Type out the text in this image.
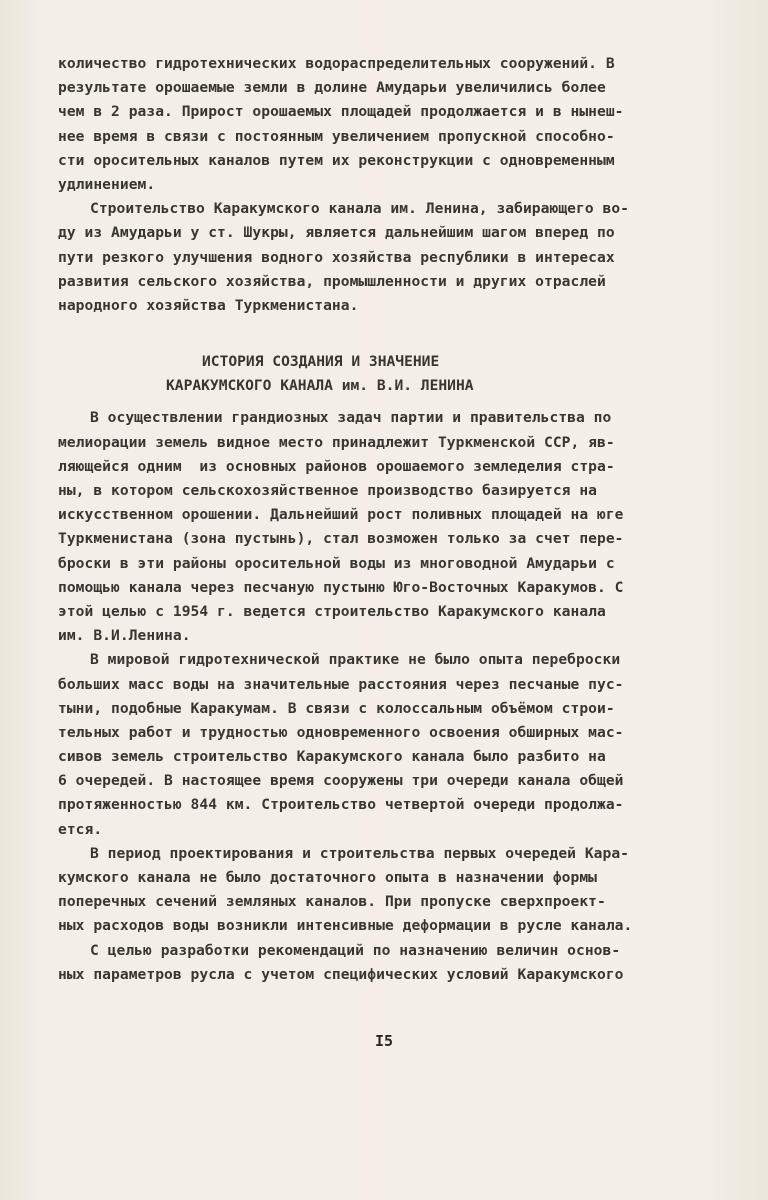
количество гидротехнических водораспределительных сооружений. В
результате орошаемые земли в долине Амударьи увеличились более
чем в 2 раза. Прирост орошаемых площадей продолжается и в нынеш-
нее время в связи с постоянным увеличением пропускной способно-
сти оросительных каналов путем их реконструкции с одновременным
удлинением.
Строительство Каракумского канала им. Ленина, забирающего во-
ду из Амударьи у ст. Шукры, является дальнейшим шагом вперед по
пути резкого улучшения водного хозяйства республики в интересах
развития сельского хозяйства, промышленности и других отраслей
народного хозяйства Туркменистана.
ИСТОРИЯ СОЗДАНИЯ И ЗНАЧЕНИЕ
КАРАКУМСКОГО КАНАЛА им. В.И. ЛЕНИНА
В осуществлении грандиозных задач партии и правительства по
мелиорации земель видное место принадлежит Туркменской ССР, яв-
ляющейся одним  из основных районов орошаемого земледелия стра-
ны, в котором сельскохозяйственное производство базируется на
искусственном орошении. Дальнейший рост поливных площадей на юге
Туркменистана (зона пустынь), стал возможен только за счет пере-
броски в эти районы оросительной воды из многоводной Амударьи с
помощью канала через песчаную пустыню Юго-Восточных Каракумов. С
этой целью с 1954 г. ведется строительство Каракумского канала
им. В.И.Ленина.
В мировой гидротехнической практике не было опыта переброски
больших масс воды на значительные расстояния через песчаные пус-
тыни, подобные Каракумам. В связи с колоссальным объёмом строи-
тельных работ и трудностью одновременного освоения обширных мас-
сивов земель строительство Каракумского канала было разбито на
6 очередей. В настоящее время сооружены три очереди канала общей
протяженностью 844 км. Строительство четвертой очереди продолжа-
ется.
В период проектирования и строительства первых очередей Кара-
кумского канала не было достаточного опыта в назначении формы
поперечных сечений земляных каналов. При пропуске сверхпроект-
ных расходов воды возникли интенсивные деформации в русле канала.
С целью разработки рекомендаций по назначению величин основ-
ных параметров русла с учетом специфических условий Каракумского
I5
